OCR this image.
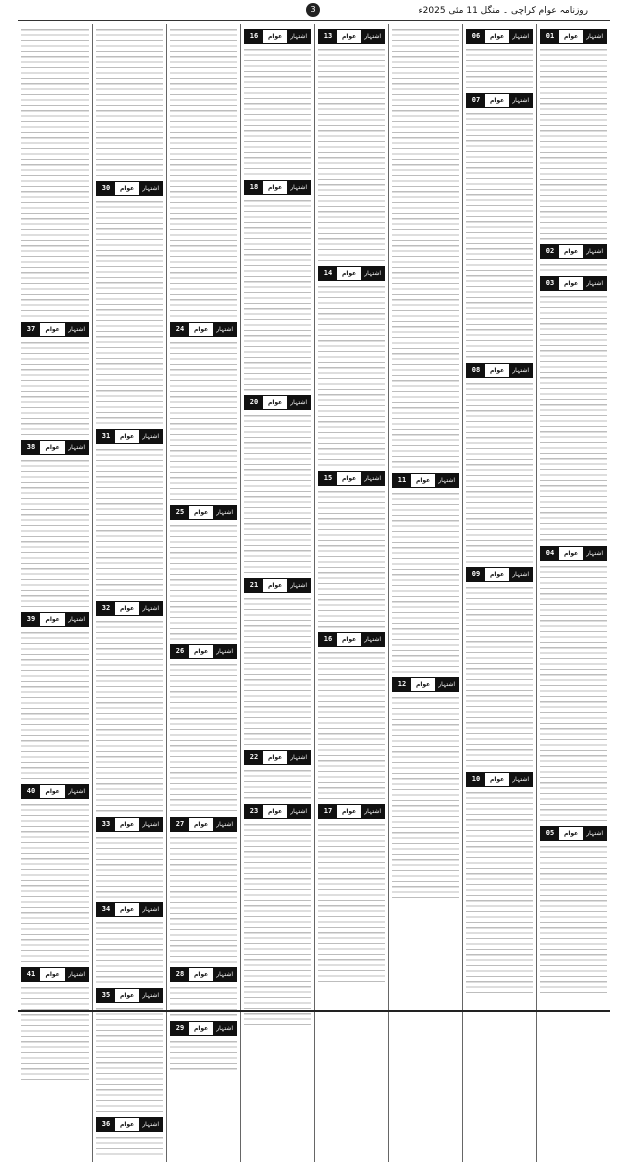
روزنامہ عوام کراچی ۔ منگل 11 مئی 2025ء
3
اشتہار
عوام
37
اشتہار
عوام
38
اشتہار
عوام
39
اشتہار
عوام
40
اشتہار
عوام
41
اشتہار
عوام
30
اشتہار
عوام
31
اشتہار
عوام
32
اشتہار
عوام
33
اشتہار
عوام
34
اشتہار
عوام
35
اشتہار
عوام
36
اشتہار
عوام
24
اشتہار
عوام
25
اشتہار
عوام
26
اشتہار
عوام
27
اشتہار
عوام
28
اشتہار
عوام
29
اشتہار
عوام
16
اشتہار
عوام
18
اشتہار
عوام
20
اشتہار
عوام
21
اشتہار
عوام
22
اشتہار
عوام
23
اشتہار
عوام
13
اشتہار
عوام
14
اشتہار
عوام
15
اشتہار
عوام
16
اشتہار
عوام
17
اشتہار
عوام
11
اشتہار
عوام
12
اشتہار
عوام
06
اشتہار
عوام
07
اشتہار
عوام
08
اشتہار
عوام
09
اشتہار
عوام
10
اشتہار
عوام
01
اشتہار
عوام
02
اشتہار
عوام
03
اشتہار
عوام
04
اشتہار
عوام
05
